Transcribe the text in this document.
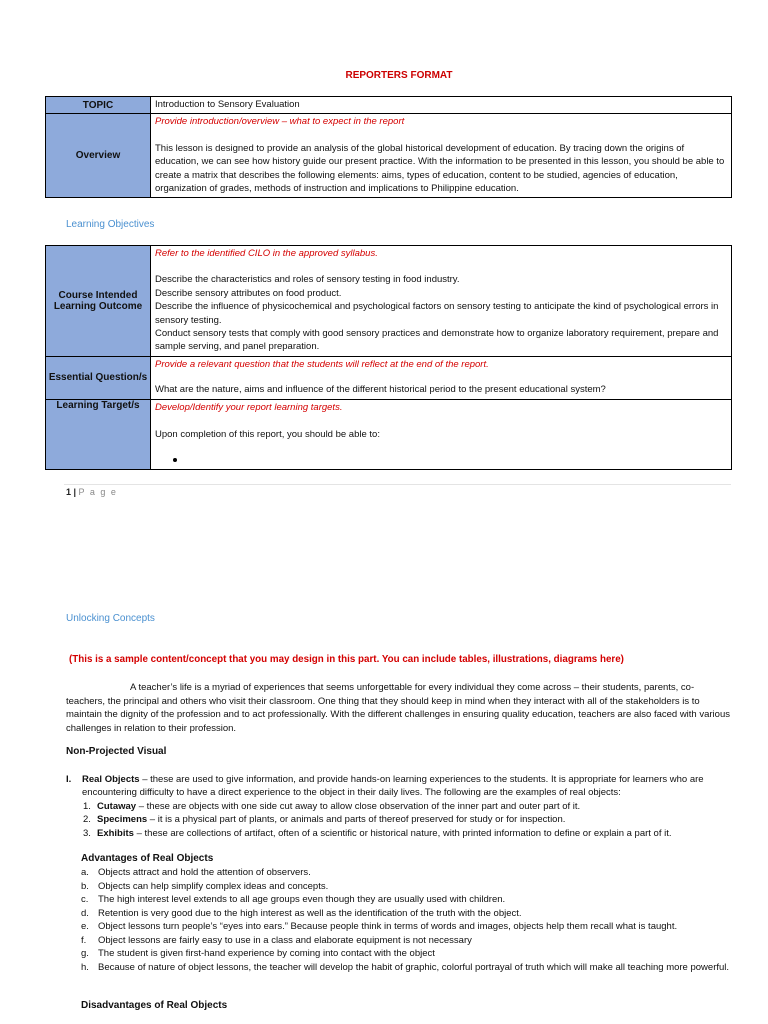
REPORTERS FORMAT
TOPIC	Introduction to Sensory Evaluation
Overview	Provide introduction/overview – what to expect in the report
This lesson is designed to provide an analysis of the global historical development of education. By tracing down the origins of education, we can see how history guide our present practice. With the information to be presented in this lesson, you should be able to create a matrix that describes the following elements: aims, types of education, content to be studied, agencies of education, organization of grades, methods of instruction and implications to Philippine education.
Learning Objectives
Course Intended Learning Outcome	Refer to the identified CILO in the approved syllabus.
Describe the characteristics and roles of sensory testing in food industry.
Describe sensory attributes on food product.
Describe the influence of physicochemical and psychological factors on sensory testing to anticipate the kind of psychological errors in sensory testing.
Conduct sensory tests that comply with good sensory practices and demonstrate how to organize laboratory requirement, prepare and sample serving, and panel preparation.

Essential Question/s	Provide a relevant question that the students will reflect at the end of the report.
What are the nature, aims and influence of the different historical period to the present educational system?

Learning Target/s	Develop/Identify your report learning targets.
Upon completion of this report, you should be able to:
1 | P a g e
Unlocking Concepts
(This is a sample content/concept that you may design in this part. You can include tables, illustrations, diagrams here)
A teacher’s life is a myriad of experiences that seems unforgettable for every individual they come across – their students, parents, co-teachers, the principal and others who visit their classroom. One thing that they should keep in mind when they interact with all of the stakeholders is to maintain the dignity of the profession and to act professionally. With the different challenges in ensuring quality education, teachers are also faced with various challenges in relation to their profession.
Non-Projected Visual
I.	Real Objects – these are used to give information, and provide hands-on learning experiences to the students. It is appropriate for learners who are encountering difficulty to have a direct experience to the object in their daily lives. The following are the examples of real objects:
1. Cutaway – these are objects with one side cut away to allow close observation of the inner part and outer part of it.
2. Specimens – it is a physical part of plants, or animals and parts of thereof preserved for study or for inspection.
3. Exhibits – these are collections of artifact, often of a scientific or historical nature, with printed information to define or explain a part of it.
Advantages of Real Objects
a. Objects attract and hold the attention of observers.
b. Objects can help simplify complex ideas and concepts.
c.	The high interest level extends to all age groups even though they are usually used with children.
d. Retention is very good due to the high interest as well as the identification of the truth with the object.
e. Object lessons turn people’s “eyes into ears.” Because people think in terms of words and images, objects help them recall what is taught.
f.	Object lessons are fairly easy to use in a class and elaborate equipment is not necessary
g. The student is given first-hand experience by coming into contact with the object
h. Because of nature of object lessons, the teacher will develop the habit of graphic, colorful portrayal of truth which will make all teaching more powerful.
Disadvantages of Real Objects
